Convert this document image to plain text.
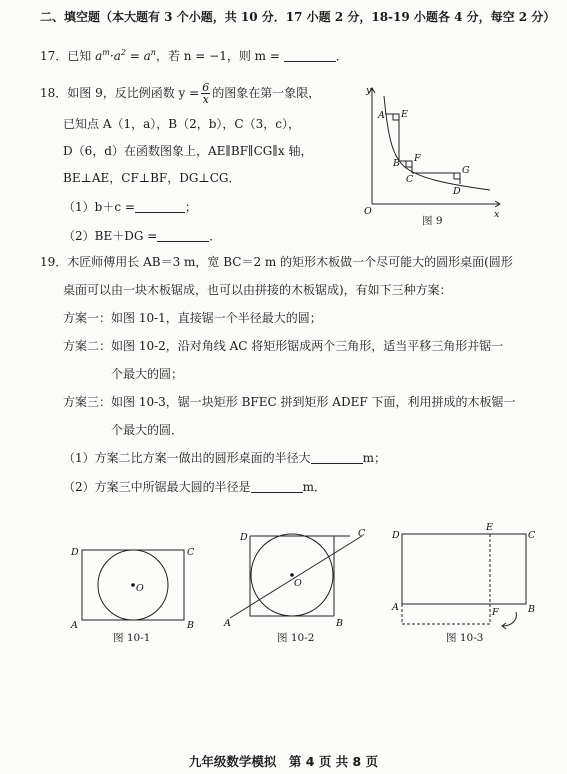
二、填空题（本大题有 3 个小题，共 10 分．17 小题 2 分，18-19 小题各 4 分，每空 2 分）
17．已知 $a^m\cdot a^2 = a^n$，若 n = −1，则 m =	．
18．如图 9，反比例函数 $y = \frac{6}{x}$ 的图象在第一象限，
已知点 A（1，a），B（2，b），C（3，c），
D（6，d）在函数图象上，AE∥BF∥CG∥x 轴，
BE⊥AE，CF⊥BF，DG⊥CG．
（1）b＋c =	；
（2）BE＋DG =	．
y
x
O
A E
B F
C
G
D
图 9
19．木匠师傅用长 AB＝3 m，宽 BC＝2 m 的矩形木板做一个尽可能大的圆形桌面(圆形
桌面可以由一块木板锯成，也可以由拼接的木板锯成)，有如下三种方案：
方案一：如图 10-1，直接锯一个半径最大的圆；
方案二：如图 10-2，沿对角线 AC 将矩形锯成两个三角形，适当平移三角形并锯一
个最大的圆；
方案三：如图 10-3，锯一块矩形 BFEC 拼到矩形 ADEF 下面，利用拼成的木板锯一
个最大的圆．
（1）方案二比方案一做出的圆形桌面的半径大	m；
（2）方案三中所锯最大圆的半径是	m．
D	C
A	B
O
图 10-1
D	C
A	B
O
图 10-2
D
E
C
A	F	B
图 10-3
九年级数学模拟　第 4 页 共 8 页
